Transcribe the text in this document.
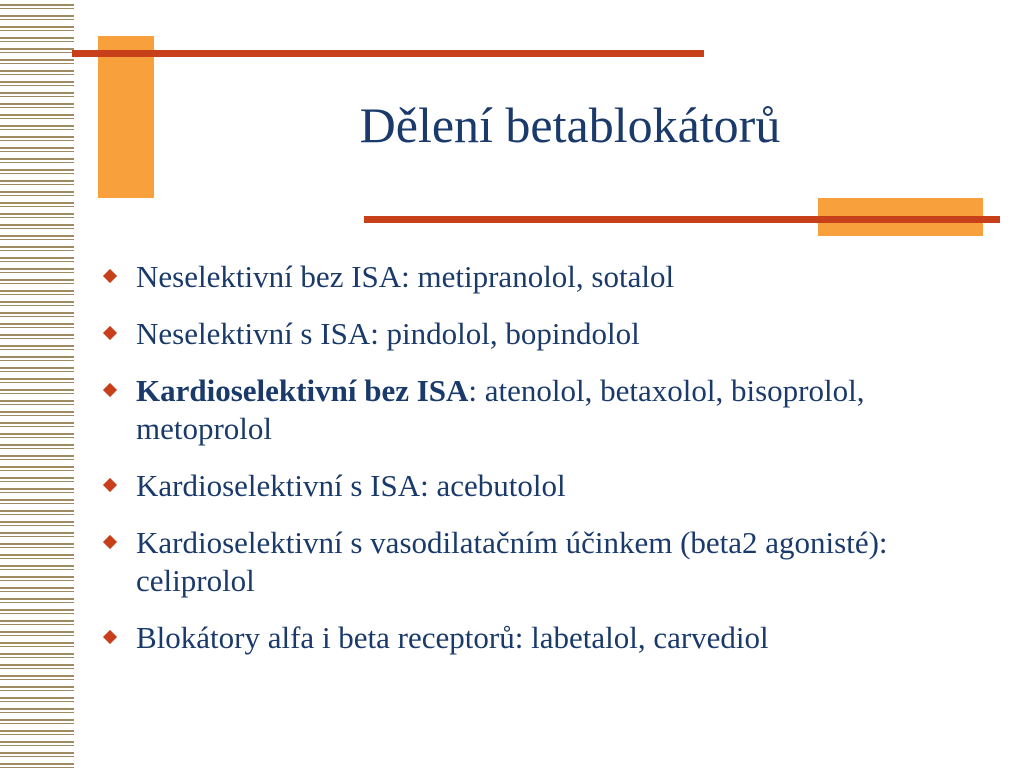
Dělení betablokátorů
Neselektivní bez ISA: metipranolol, sotalol
Neselektivní s ISA: pindolol, bopindolol
Kardioselektivní bez ISA: atenolol, betaxolol, bisoprolol, metoprolol
Kardioselektivní s ISA: acebutolol
Kardioselektivní s vasodilatačním účinkem (beta2 agonisté): celiprolol
Blokátory alfa i beta receptorů: labetalol, carvediol
